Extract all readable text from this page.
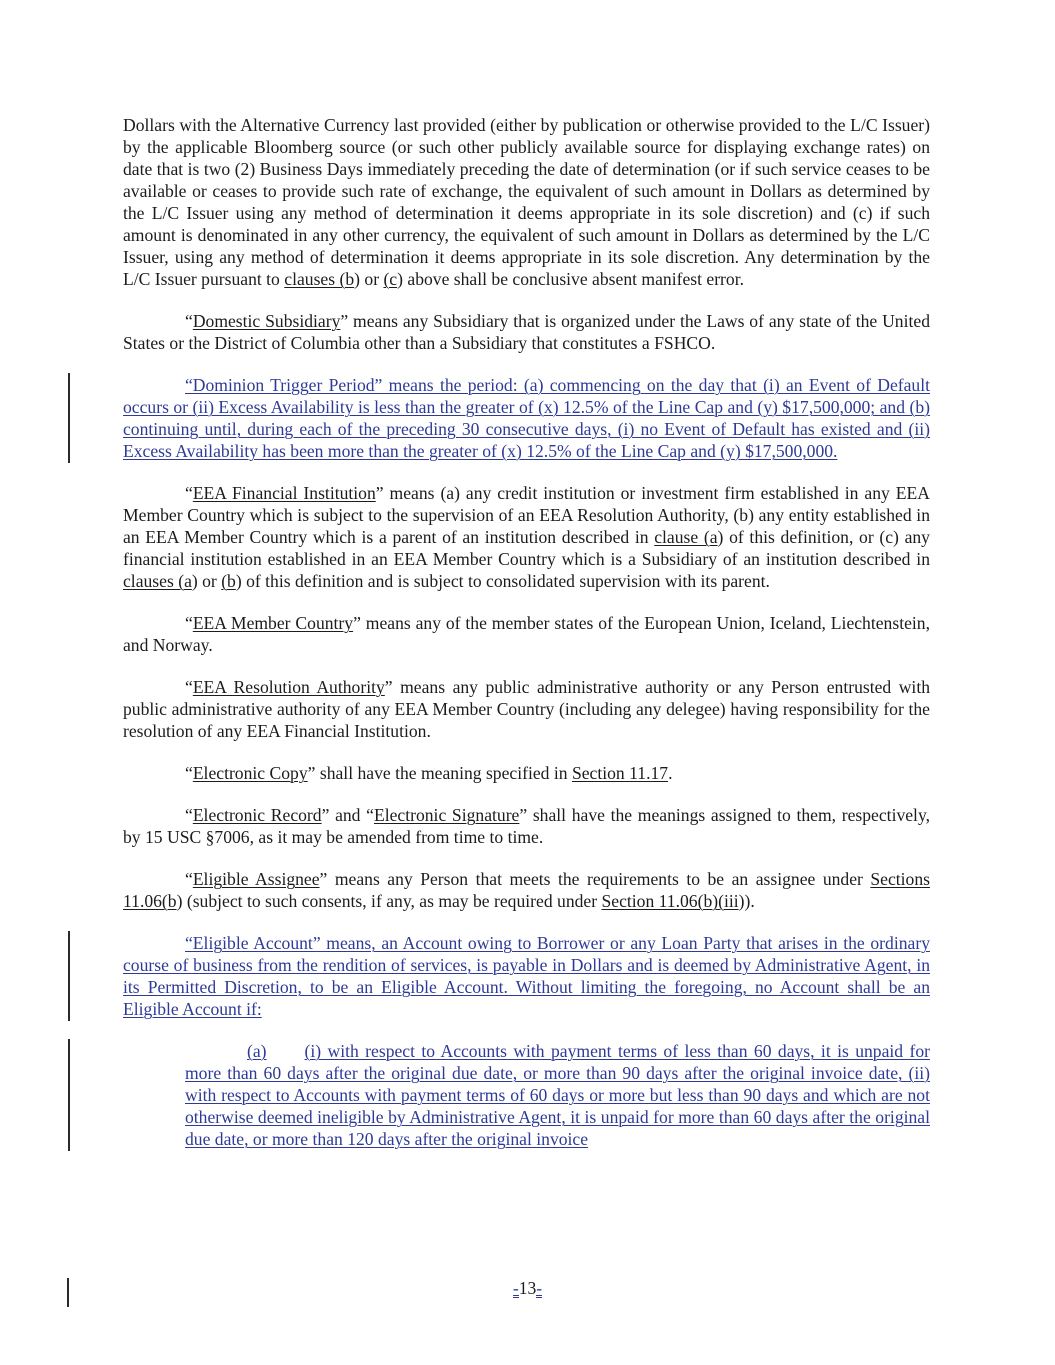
Dollars with the Alternative Currency last provided (either by publication or otherwise provided to the L/C Issuer) by the applicable Bloomberg source (or such other publicly available source for displaying exchange rates) on date that is two (2) Business Days immediately preceding the date of determination (or if such service ceases to be available or ceases to provide such rate of exchange, the equivalent of such amount in Dollars as determined by the L/C Issuer using any method of determination it deems appropriate in its sole discretion) and (c) if such amount is denominated in any other currency, the equivalent of such amount in Dollars as determined by the L/C Issuer, using any method of determination it deems appropriate in its sole discretion. Any determination by the L/C Issuer pursuant to clauses (b) or (c) above shall be conclusive absent manifest error.

“Domestic Subsidiary” means any Subsidiary that is organized under the Laws of any state of the United States or the District of Columbia other than a Subsidiary that constitutes a FSHCO.

“Dominion Trigger Period” means the period: (a) commencing on the day that (i) an Event of Default occurs or (ii) Excess Availability is less than the greater of (x) 12.5% of the Line Cap and (y) $17,500,000; and (b) continuing until, during each of the preceding 30 consecutive days, (i) no Event of Default has existed and (ii) Excess Availability has been more than the greater of (x) 12.5% of the Line Cap and (y) $17,500,000.

“EEA Financial Institution” means (a) any credit institution or investment firm established in any EEA Member Country which is subject to the supervision of an EEA Resolution Authority, (b) any entity established in an EEA Member Country which is a parent of an institution described in clause (a) of this definition, or (c) any financial institution established in an EEA Member Country which is a Subsidiary of an institution described in clauses (a) or (b) of this definition and is subject to consolidated supervision with its parent.

“EEA Member Country” means any of the member states of the European Union, Iceland, Liechtenstein, and Norway.

“EEA Resolution Authority” means any public administrative authority or any Person entrusted with public administrative authority of any EEA Member Country (including any delegee) having responsibility for the resolution of any EEA Financial Institution.

“Electronic Copy” shall have the meaning specified in Section 11.17.

“Electronic Record” and “Electronic Signature” shall have the meanings assigned to them, respectively, by 15 USC §7006, as it may be amended from time to time.

“Eligible Assignee” means any Person that meets the requirements to be an assignee under Sections 11.06(b) (subject to such consents, if any, as may be required under Section 11.06(b)(iii)).

“Eligible Account” means, an Account owing to Borrower or any Loan Party that arises in the ordinary course of business from the rendition of services, is payable in Dollars and is deemed by Administrative Agent, in its Permitted Discretion, to be an Eligible Account. Without limiting the foregoing, no Account shall be an Eligible Account if:

(a) (i) with respect to Accounts with payment terms of less than 60 days, it is unpaid for more than 60 days after the original due date, or more than 90 days after the original invoice date, (ii) with respect to Accounts with payment terms of 60 days or more but less than 90 days and which are not otherwise deemed ineligible by Administrative Agent, it is unpaid for more than 60 days after the original due date, or more than 120 days after the original invoice

-13-
